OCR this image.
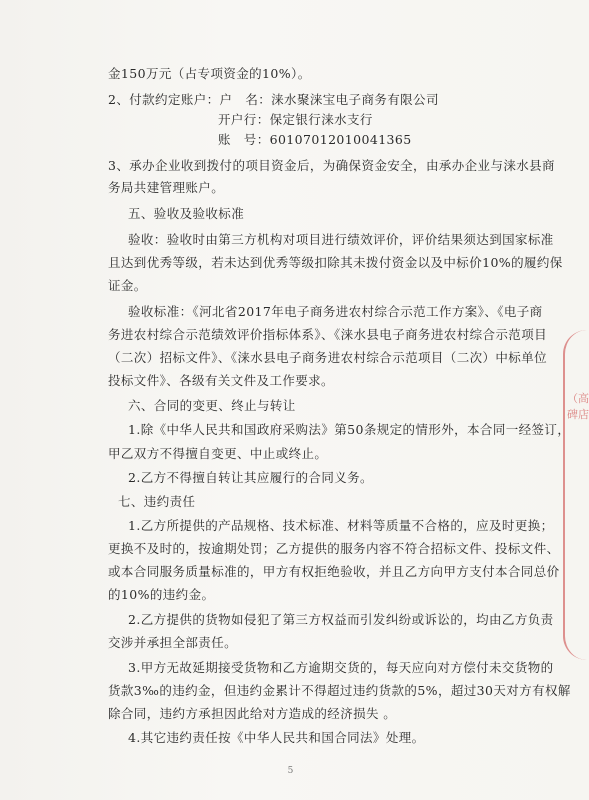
金150万元（占专项资金的10%）。
2、付款约定账户：户　名：涞水聚涞宝电子商务有限公司
开户行：保定银行涞水支行
账　号：60107012010041365
3、承办企业收到拨付的项目资金后，为确保资金安全，由承办企业与涞水县商
务局共建管理账户。
五、验收及验收标准
验收：验收时由第三方机构对项目进行绩效评价，评价结果须达到国家标准
且达到优秀等级，若未达到优秀等级扣除其未拨付资金以及中标价10%的履约保
证金。
验收标准：《河北省2017年电子商务进农村综合示范工作方案》、《电子商
务进农村综合示范绩效评价指标体系》、《涞水县电子商务进农村综合示范项目
（二次）招标文件》、《涞水县电子商务进农村综合示范项目（二次）中标单位
投标文件》、各级有关文件及工作要求。
六、合同的变更、终止与转让
1.除《中华人民共和国政府采购法》第50条规定的情形外，本合同一经签订，
甲乙双方不得擅自变更、中止或终止。
2.乙方不得擅自转让其应履行的合同义务。
七、违约责任
1.乙方所提供的产品规格、技术标准、材料等质量不合格的，应及时更换；
更换不及时的，按逾期处罚；乙方提供的服务内容不符合招标文件、投标文件、
或本合同服务质量标准的，甲方有权拒绝验收，并且乙方向甲方支付本合同总价
的10%的违约金。
2.乙方提供的货物如侵犯了第三方权益而引发纠纷或诉讼的，均由乙方负责
交涉并承担全部责任。
3.甲方无故延期接受货物和乙方逾期交货的，每天应向对方偿付未交货物的
货款3‰的违约金，但违约金累计不得超过违约货款的5%，超过30天对方有权解
除合同，违约方承担因此给对方造成的经济损失 。
4.其它违约责任按《中华人民共和国合同法》处理。
（高碑店
5
